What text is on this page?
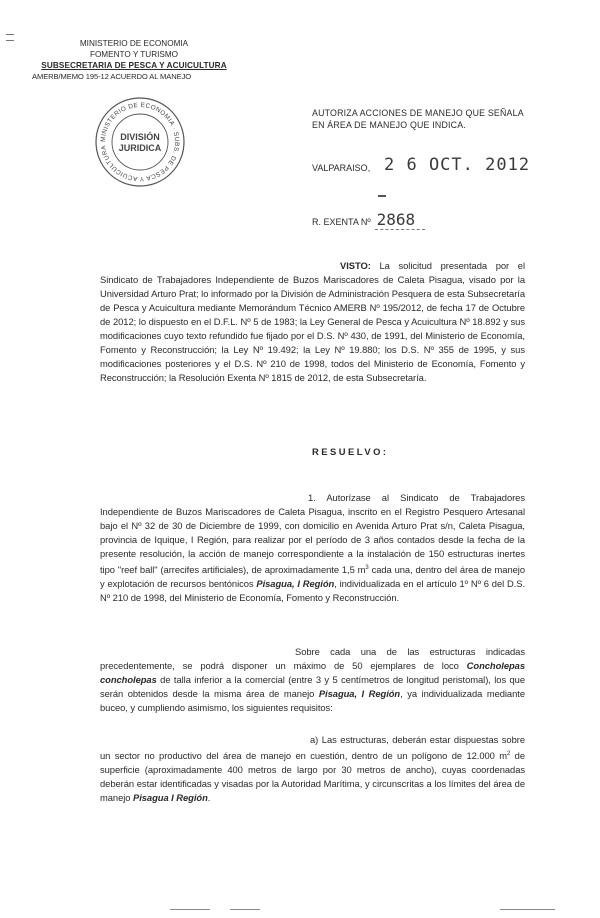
MINISTERIO DE ECONOMIA
FOMENTO Y TURISMO
SUBSECRETARIA DE PESCA Y ACUICULTURA
AMERB/MEMO 195-12 ACUERDO AL MANEJO
MINISTERIO DE ECONOMIA · SUBS. DE PESCA Y ACUICULTURA
DIVISIÓN
JURIDICA
AUTORIZA ACCIONES DE MANEJO QUE SEÑALA EN ÁREA DE MANEJO QUE INDICA.
VALPARAISO, 2 6 OCT. 2012
R. EXENTA Nº 2868
VISTO: La solicitud presentada por el Sindicato de Trabajadores Independiente de Buzos Mariscadores de Caleta Pisagua, visado por la Universidad Arturo Prat; lo informado por la División de Administración Pesquera de esta Subsecretaría de Pesca y Acuicultura mediante Memorándum Técnico AMERB Nº 195/2012, de fecha 17 de Octubre de 2012; lo dispuesto en el D.F.L. Nº 5 de 1983; la Ley General de Pesca y Acuicultura Nº 18.892 y sus modificaciones cuyo texto refundido fue fijado por el D.S. Nº 430, de 1991, del Ministerio de Economía, Fomento y Reconstrucción; la Ley Nº 19.492; la Ley Nº 19.880; los D.S. Nº 355 de 1995, y sus modificaciones posteriores y el D.S. Nº 210 de 1998, todos del Ministerio de Economía, Fomento y Reconstrucción; la Resolución Exenta Nº 1815 de 2012, de esta Subsecretaría.
RESUELVO:
1. Autorízase al Sindicato de Trabajadores Independiente de Buzos Mariscadores de Caleta Pisagua, inscrito en el Registro Pesquero Artesanal bajo el Nº 32 de 30 de Diciembre de 1999, con domicilio en Avenida Arturo Prat s/n, Caleta Pisagua, provincia de Iquique, I Región, para realizar por el período de 3 años contados desde la fecha de la presente resolución, la acción de manejo correspondiente a la instalación de 150 estructuras inertes tipo "reef ball" (arrecifes artificiales), de aproximadamente 1,5 $m^3$ cada una, dentro del área de manejo y explotación de recursos bentónicos Pisagua, I Región, individualizada en el artículo 1º Nº 6 del D.S. Nº 210 de 1998, del Ministerio de Economía, Fomento y Reconstrucción.
Sobre cada una de las estructuras indicadas precedentemente, se podrá disponer un máximo de 50 ejemplares de loco Concholepas concholepas de talla inferior a la comercial (entre 3 y 5 centímetros de longitud peristomal), los que serán obtenidos desde la misma área de manejo Pisagua, I Región, ya individualizada mediante buceo, y cumpliendo asimismo, los siguientes requisitos:
a) Las estructuras, deberán estar dispuestas sobre un sector no productivo del área de manejo en cuestión, dentro de un polígono de 12.000 $m^2$ de superficie (aproximadamente 400 metros de largo por 30 metros de ancho), cuyas coordenadas deberán estar identificadas y visadas por la Autoridad Marítima, y circunscritas a los límites del área de manejo Pisagua I Región.
